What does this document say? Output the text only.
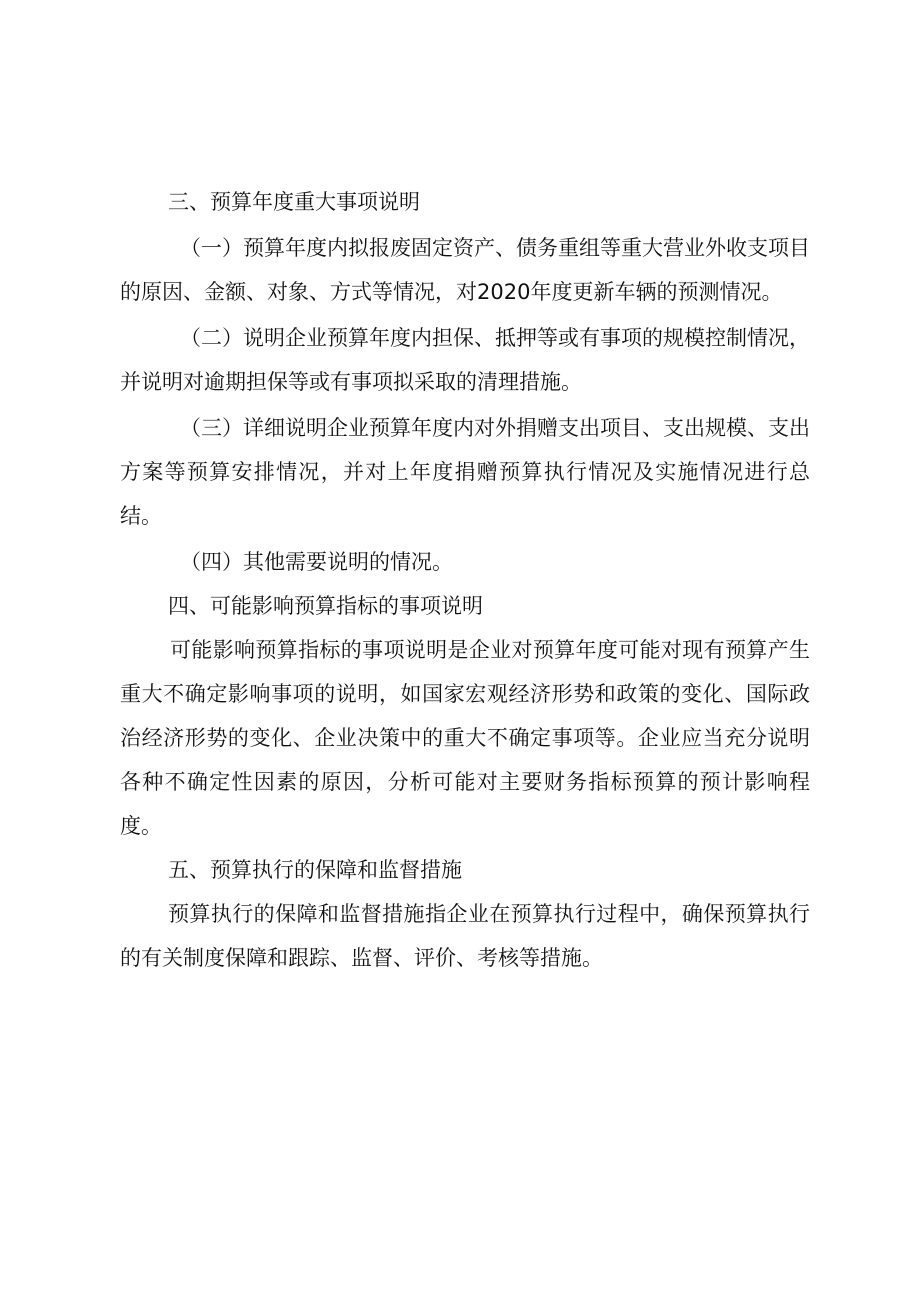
三、预算年度重大事项说明

（一）预算年度内拟报废固定资产、债务重组等重大营业外收支项目的原因、金额、对象、方式等情况，对2020年度更新车辆的预测情况。

（二）说明企业预算年度内担保、抵押等或有事项的规模控制情况，并说明对逾期担保等或有事项拟采取的清理措施。

（三）详细说明企业预算年度内对外捐赠支出项目、支出规模、支出方案等预算安排情况，并对上年度捐赠预算执行情况及实施情况进行总结。

（四）其他需要说明的情况。

四、可能影响预算指标的事项说明

可能影响预算指标的事项说明是企业对预算年度可能对现有预算产生重大不确定影响事项的说明，如国家宏观经济形势和政策的变化、国际政治经济形势的变化、企业决策中的重大不确定事项等。企业应当充分说明各种不确定性因素的原因，分析可能对主要财务指标预算的预计影响程度。

五、预算执行的保障和监督措施

预算执行的保障和监督措施指企业在预算执行过程中，确保预算执行的有关制度保障和跟踪、监督、评价、考核等措施。
